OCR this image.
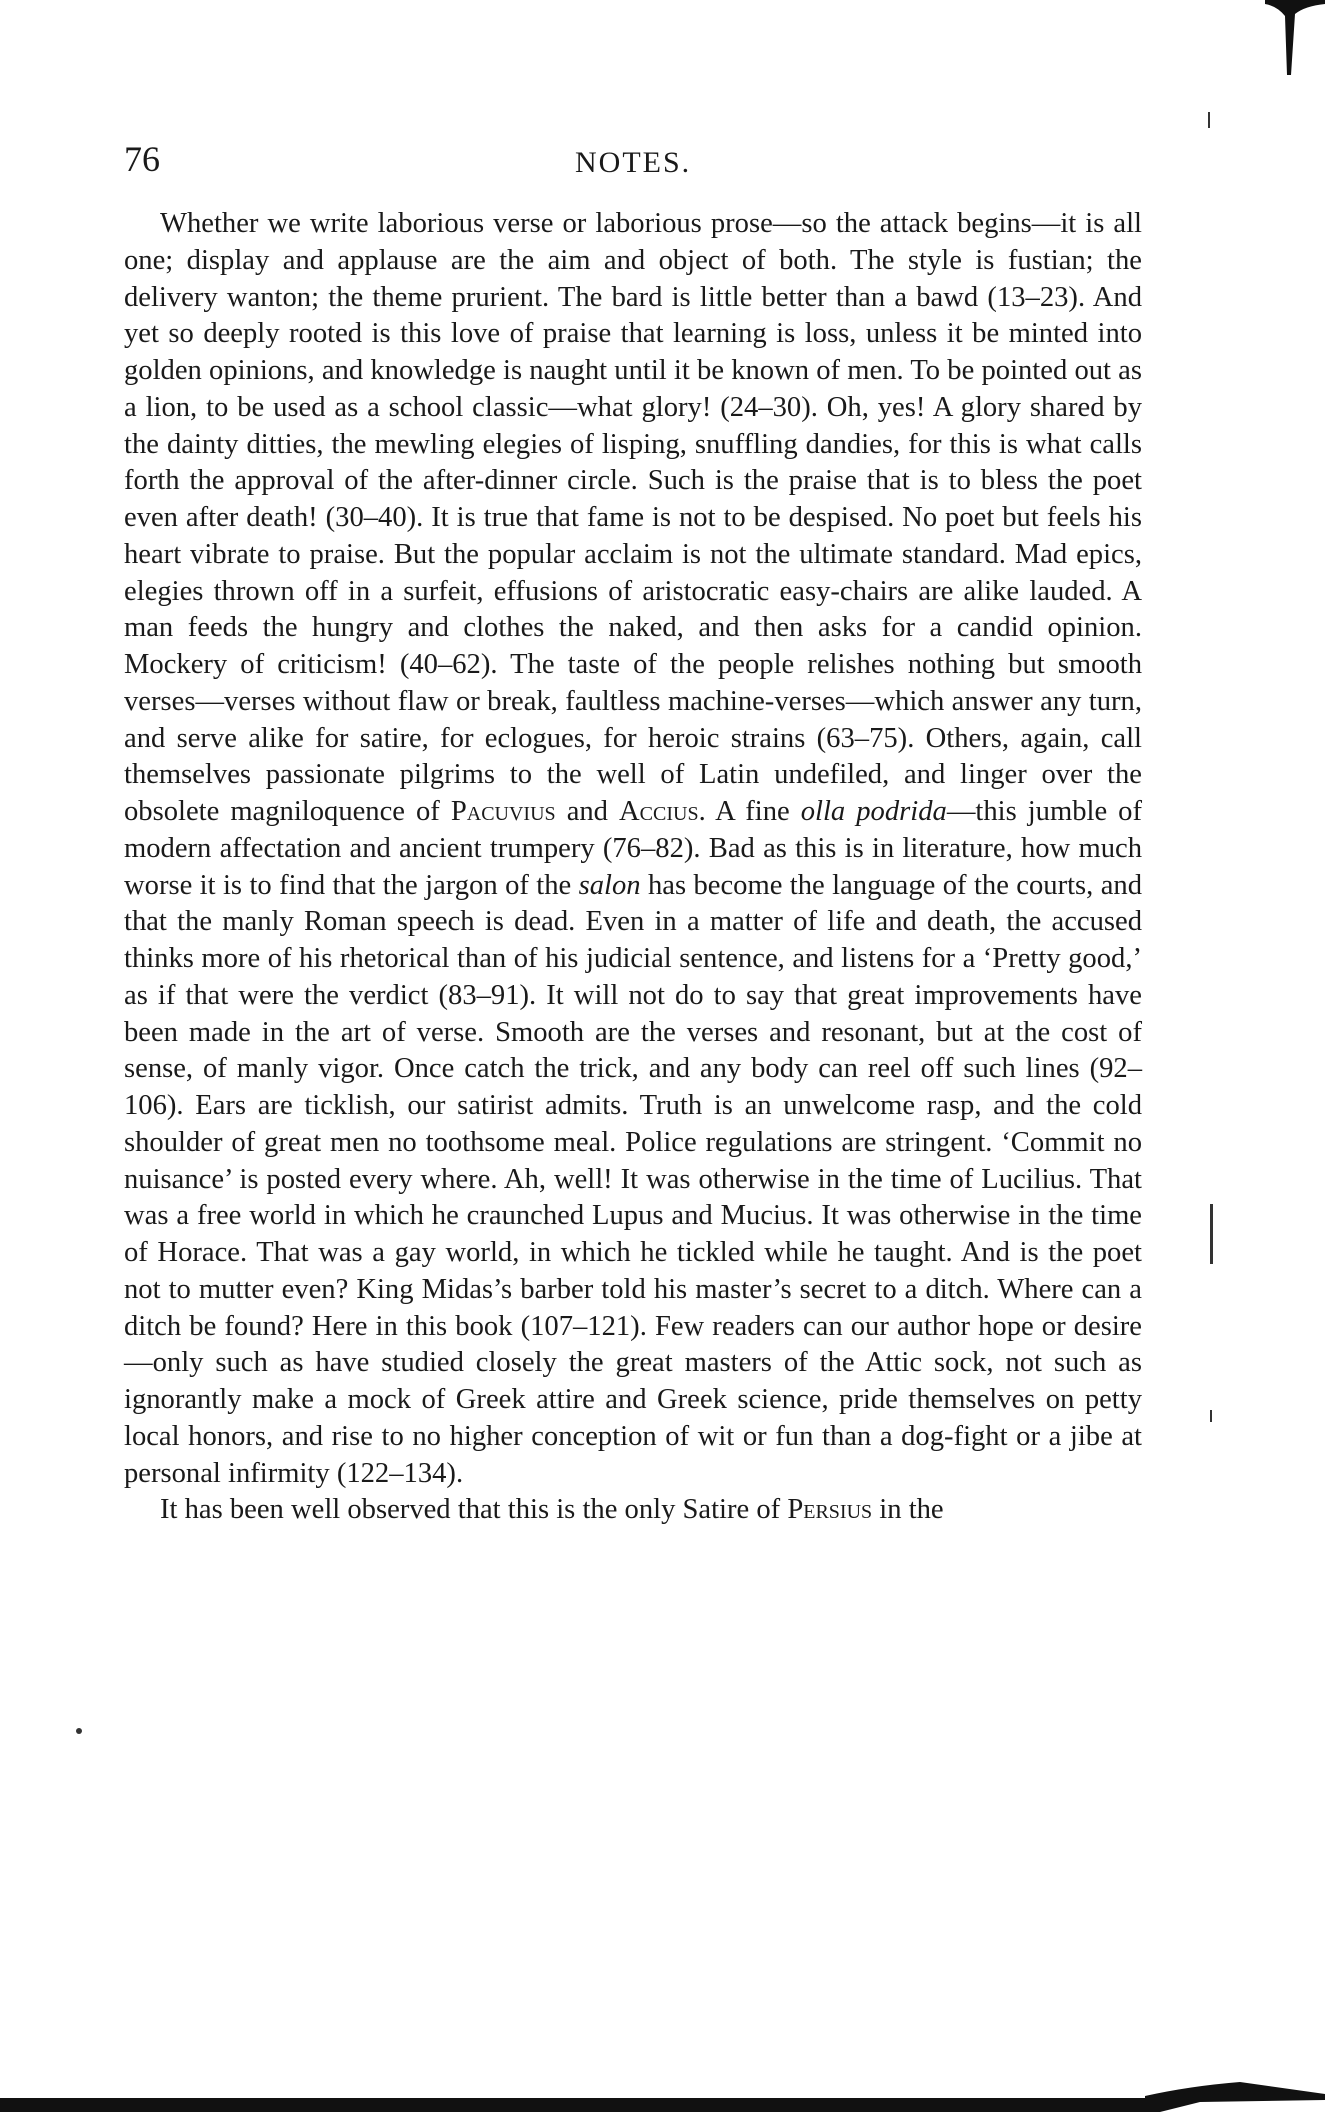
76	NOTES.

Whether we write laborious verse or laborious prose—so the attack begins—it is all one; display and applause are the aim and object of both. The style is fustian; the delivery wanton; the theme prurient. The bard is little better than a bawd (13–23). And yet so deeply rooted is this love of praise that learning is loss, unless it be minted into golden opinions, and knowledge is naught until it be known of men. To be pointed out as a lion, to be used as a school classic—what glory! (24–30). Oh, yes! A glory shared by the dainty ditties, the mewling elegies of lisping, snuffling dandies, for this is what calls forth the approval of the after-dinner circle. Such is the praise that is to bless the poet even after death! (30–40). It is true that fame is not to be despised. No poet but feels his heart vibrate to praise. But the popular acclaim is not the ultimate standard. Mad epics, elegies thrown off in a surfeit, effusions of aristocratic easy-chairs are alike lauded. A man feeds the hungry and clothes the naked, and then asks for a candid opinion. Mockery of criticism! (40–62). The taste of the people relishes nothing but smooth verses—verses without flaw or break, faultless machine-verses—which answer any turn, and serve alike for satire, for eclogues, for heroic strains (63–75). Others, again, call themselves passionate pilgrims to the well of Latin undefiled, and linger over the obsolete magniloquence of Pacuvius and Accius. A fine olla podrida—this jumble of modern affectation and ancient trumpery (76–82). Bad as this is in literature, how much worse it is to find that the jargon of the salon has become the language of the courts, and that the manly Roman speech is dead. Even in a matter of life and death, the accused thinks more of his rhetorical than of his judicial sentence, and listens for a ‘Pretty good,’ as if that were the verdict (83–91). It will not do to say that great improvements have been made in the art of verse. Smooth are the verses and resonant, but at the cost of sense, of manly vigor. Once catch the trick, and any body can reel off such lines (92–106). Ears are ticklish, our satirist admits. Truth is an unwelcome rasp, and the cold shoulder of great men no toothsome meal. Police regulations are stringent. ‘Commit no nuisance’ is posted every where. Ah, well! It was otherwise in the time of Lucilius. That was a free world in which he craunched Lupus and Mucius. It was otherwise in the time of Horace. That was a gay world, in which he tickled while he taught. And is the poet not to mutter even? King Midas’s barber told his master’s secret to a ditch. Where can a ditch be found? Here in this book (107–121). Few readers can our author hope or desire—only such as have studied closely the great masters of the Attic sock, not such as ignorantly make a mock of Greek attire and Greek science, pride themselves on petty local honors, and rise to no higher conception of wit or fun than a dog-fight or a jibe at personal infirmity (122–134).

It has been well observed that this is the only Satire of Persius in the
